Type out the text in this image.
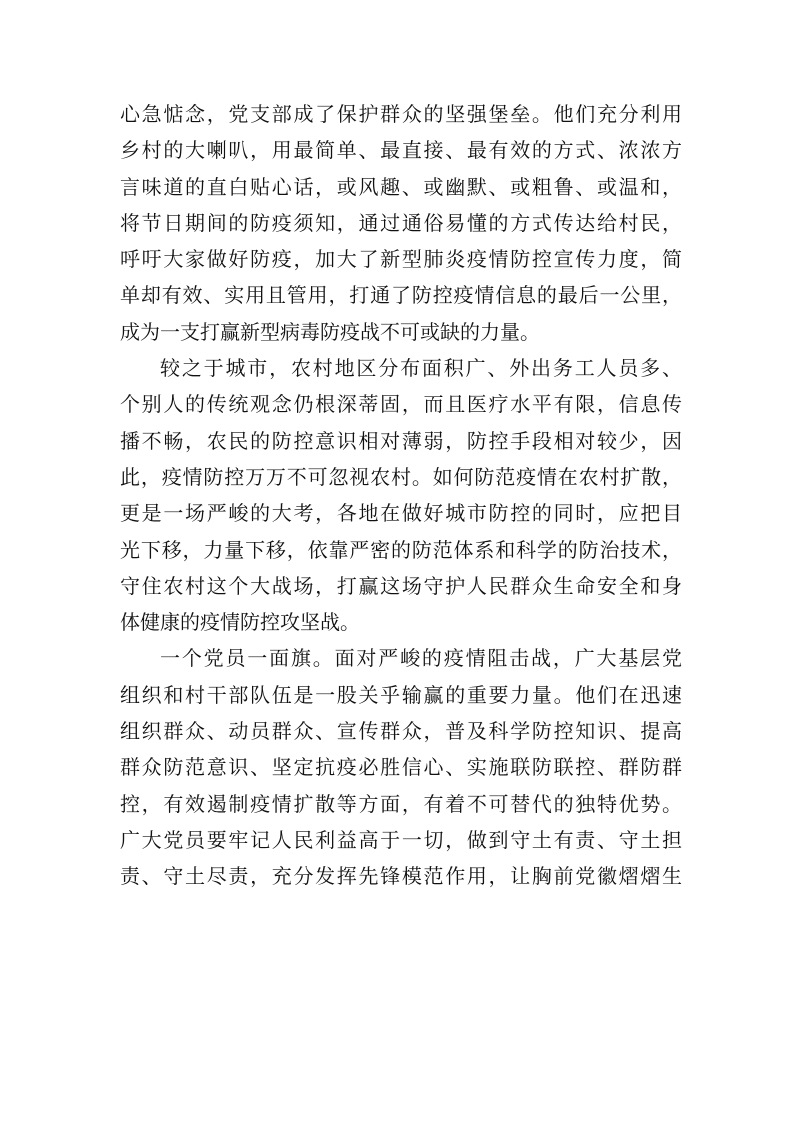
心急惦念，党支部成了保护群众的坚强堡垒。他们充分利用
乡村的大喇叭，用最简单、最直接、最有效的方式、浓浓方
言味道的直白贴心话，或风趣、或幽默、或粗鲁、或温和，
将节日期间的防疫须知，通过通俗易懂的方式传达给村民，
呼吁大家做好防疫，加大了新型肺炎疫情防控宣传力度，简
单却有效、实用且管用，打通了防控疫情信息的最后一公里，
成为一支打赢新型病毒防疫战不可或缺的力量。
较之于城市，农村地区分布面积广、外出务工人员多、
个别人的传统观念仍根深蒂固，而且医疗水平有限，信息传
播不畅，农民的防控意识相对薄弱，防控手段相对较少，因
此，疫情防控万万不可忽视农村。如何防范疫情在农村扩散，
更是一场严峻的大考，各地在做好城市防控的同时，应把目
光下移，力量下移，依靠严密的防范体系和科学的防治技术，
守住农村这个大战场，打赢这场守护人民群众生命安全和身
体健康的疫情防控攻坚战。
一个党员一面旗。面对严峻的疫情阻击战，广大基层党
组织和村干部队伍是一股关乎输赢的重要力量。他们在迅速
组织群众、动员群众、宣传群众，普及科学防控知识、提高
群众防范意识、坚定抗疫必胜信心、实施联防联控、群防群
控，有效遏制疫情扩散等方面，有着不可替代的独特优势。
广大党员要牢记人民利益高于一切，做到守土有责、守土担
责、守土尽责，充分发挥先锋模范作用，让胸前党徽熠熠生
